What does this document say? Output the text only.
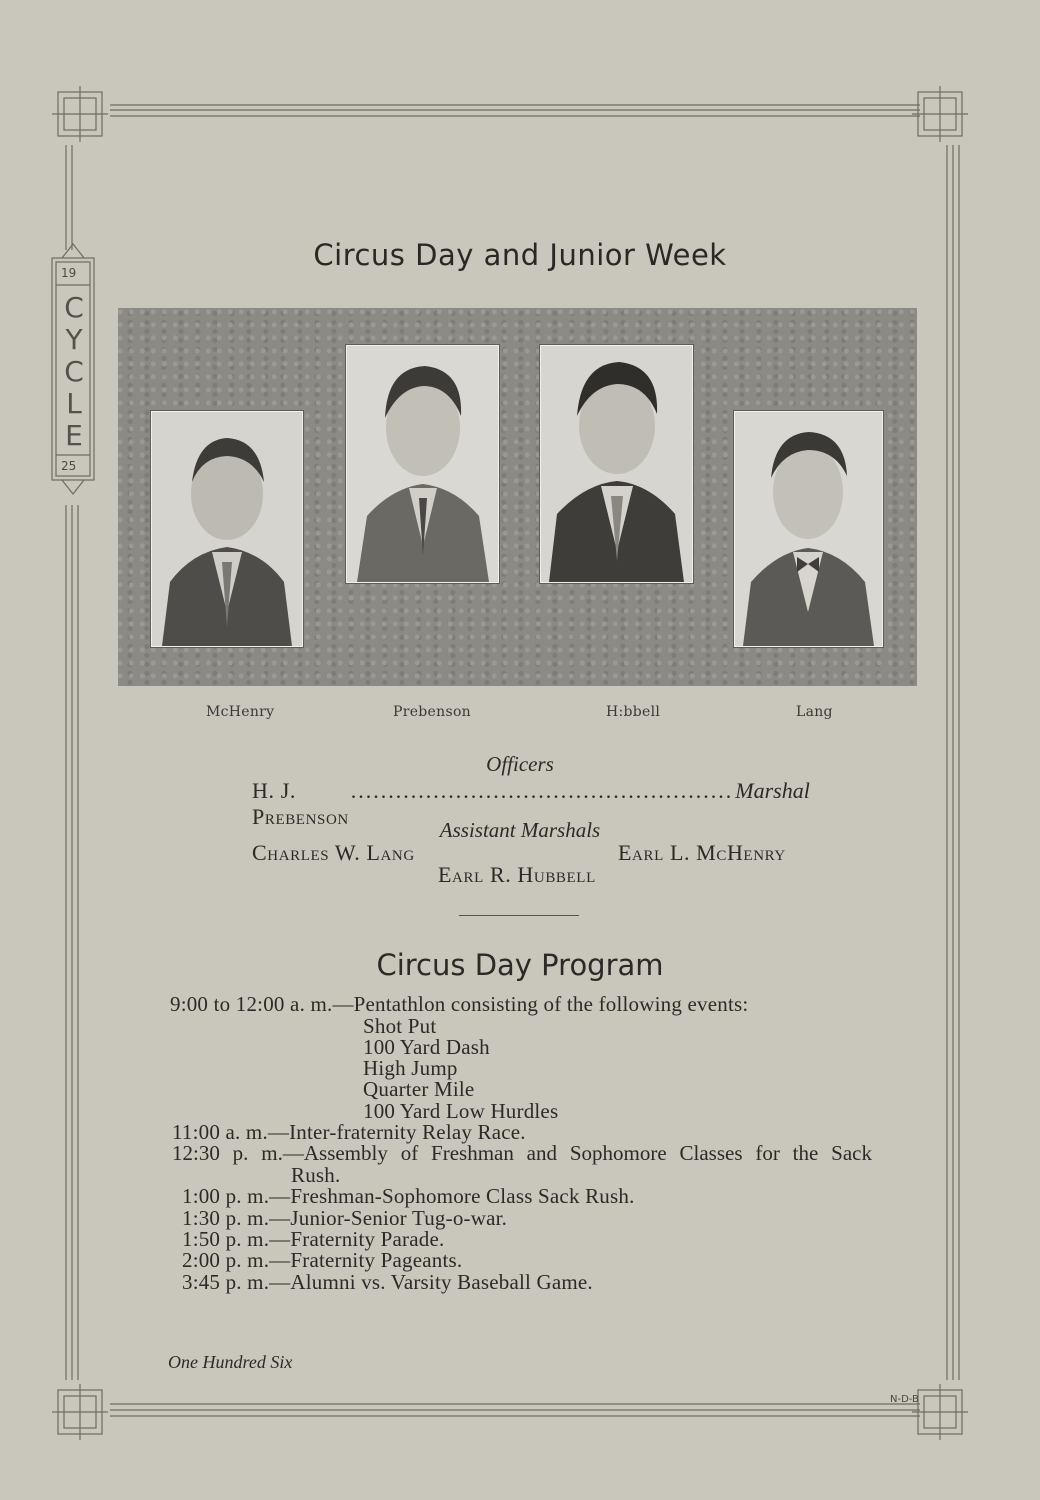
19
CYCLE
25
Circus Day and Junior Week
McHenry	Prebenson	H:bbell	Lang
Officers
H. J. Prebenson
................................................... Marshal
Assistant Marshals
Charles W. Lang	Earl L. McHenry
Earl R. Hubbell
Circus Day Program
9:00 to 12:00 a. m.—Pentathlon consisting of the following events:
Shot Put
100 Yard Dash
High Jump
Quarter Mile
100 Yard Low Hurdles
11:00 a. m.—Inter-fraternity Relay Race.
12:30 p. m.—Assembly of Freshman and Sophomore Classes for the Sack
Rush.
1:00 p. m.—Freshman-Sophomore Class Sack Rush.
1:30 p. m.—Junior-Senior Tug-o-war.
1:50 p. m.—Fraternity Parade.
2:00 p. m.—Fraternity Pageants.
3:45 p. m.—Alumni vs. Varsity Baseball Game.
One Hundred Six
N-D-B
